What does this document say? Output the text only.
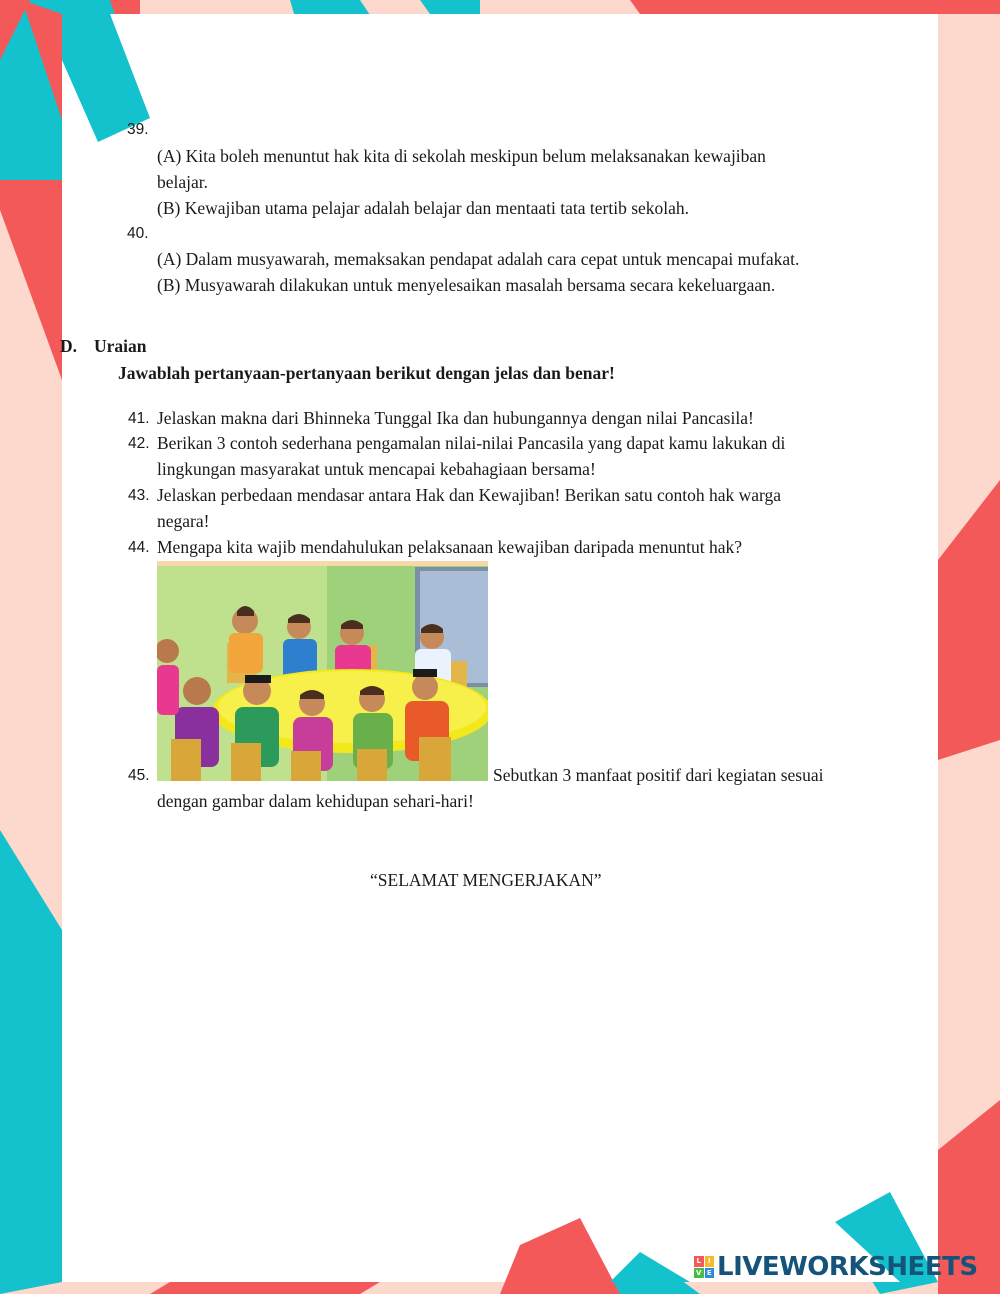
39.
(A) Kita boleh menuntut hak kita di sekolah meskipun belum melaksanakan kewajiban
belajar.
(B) Kewajiban utama pelajar adalah belajar dan mentaati tata tertib sekolah.
40.
(A) Dalam musyawarah, memaksakan pendapat adalah cara cepat untuk mencapai mufakat.
(B) Musyawarah dilakukan untuk menyelesaikan masalah bersama secara kekeluargaan.
D. Uraian
Jawablah pertanyaan-pertanyaan berikut dengan jelas dan benar!
41. Jelaskan makna dari Bhinneka Tunggal Ika dan hubungannya dengan nilai Pancasila!
42. Berikan 3 contoh sederhana pengamalan nilai-nilai Pancasila yang dapat kamu lakukan di
lingkungan masyarakat untuk mencapai kebahagiaan bersama!
43. Jelaskan perbedaan mendasar antara Hak dan Kewajiban! Berikan satu contoh hak warga
negara!
44. Mengapa kita wajib mendahulukan pelaksanaan kewajiban daripada menuntut hak?
45.	Sebutkan 3 manfaat positif dari kegiatan sesuai
dengan gambar dalam kehidupan sehari-hari!
“SELAMAT MENGERJAKAN”
L I
V E LIVEWORKSHEETS
